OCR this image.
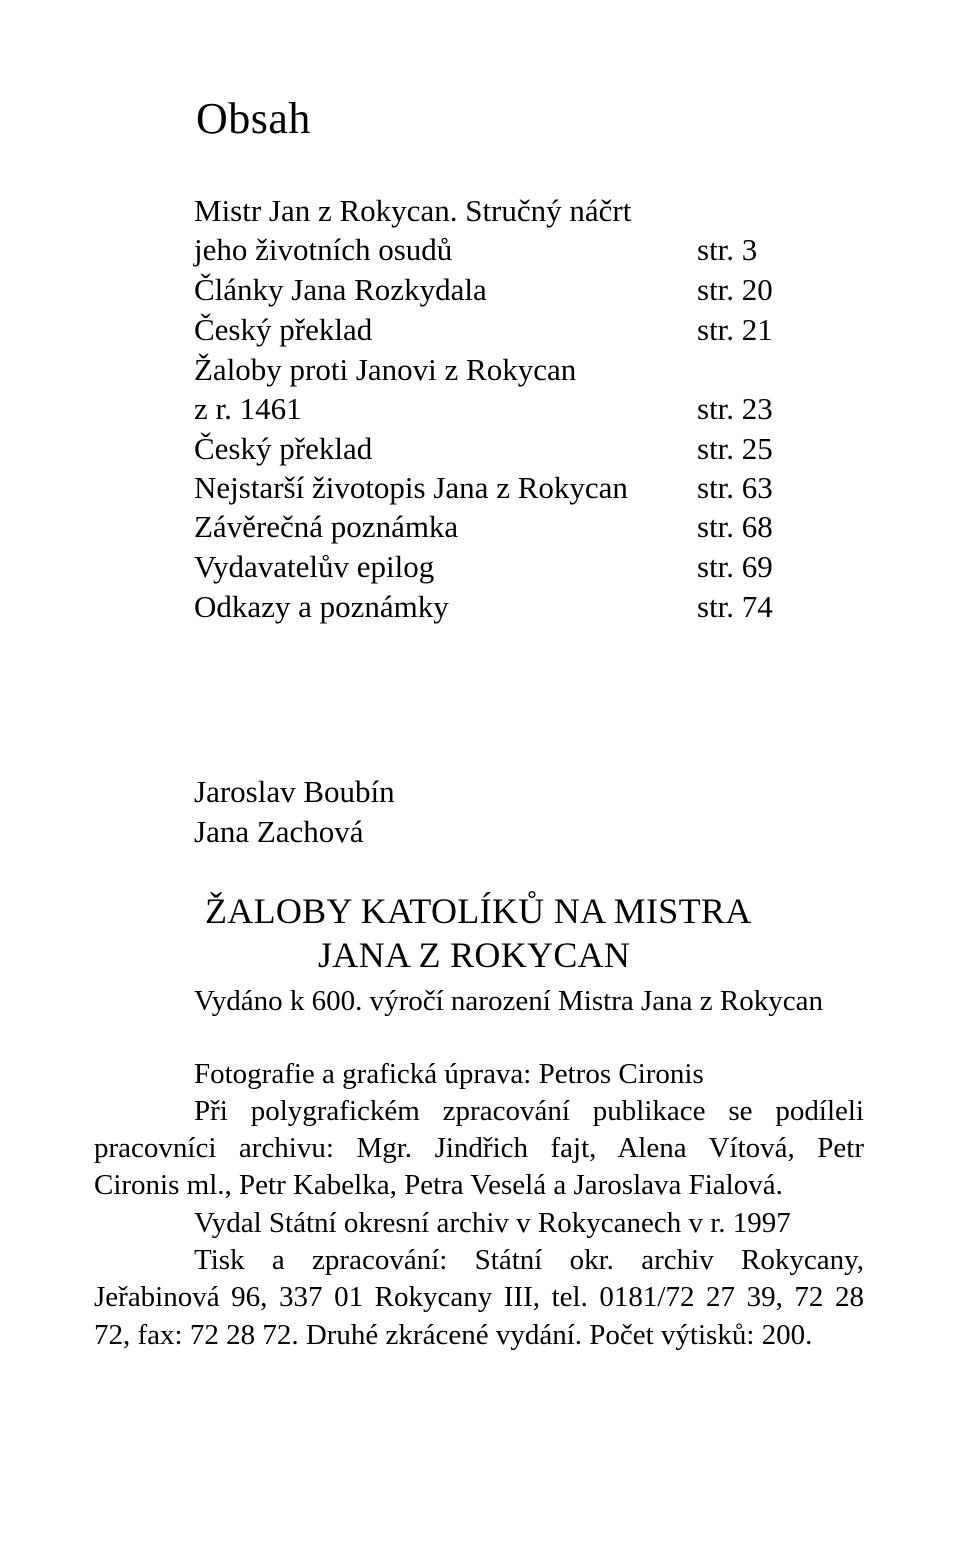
Obsah
Mistr Jan z Rokycan. Stručný náčrt
jeho životních osudů	str. 3
Články Jana Rozkydala	str. 20
Český překlad	str. 21
Žaloby proti Janovi z Rokycan
z r. 1461	str. 23
Český překlad	str. 25
Nejstarší životopis Jana z Rokycan str. 63
Závěrečná poznámka	str. 68
Vydavatelův epilog	str. 69
Odkazy a poznámky	str. 74
Jaroslav Boubín
Jana Zachová
ŽALOBY KATOLÍKŮ NA MISTRA
JANA Z ROKYCAN
Vydáno k 600. výročí narození Mistra Jana z Rokycan
Fotografie a grafická úprava: Petros Cironis
Při polygrafickém zpracování publikace se podíleli
pracovníci archivu: Mgr. Jindřich fajt, Alena Vítová, Petr
Cironis ml., Petr Kabelka, Petra Veselá a Jaroslava Fialová.
Vydal Státní okresní archiv v Rokycanech v r. 1997
Tisk a zpracování: Státní okr. archiv Rokycany,
Jeřabinová 96, 337 01 Rokycany III, tel. 0181/72 27 39, 72 28
72, fax: 72 28 72. Druhé zkrácené vydání. Počet výtisků: 200.
